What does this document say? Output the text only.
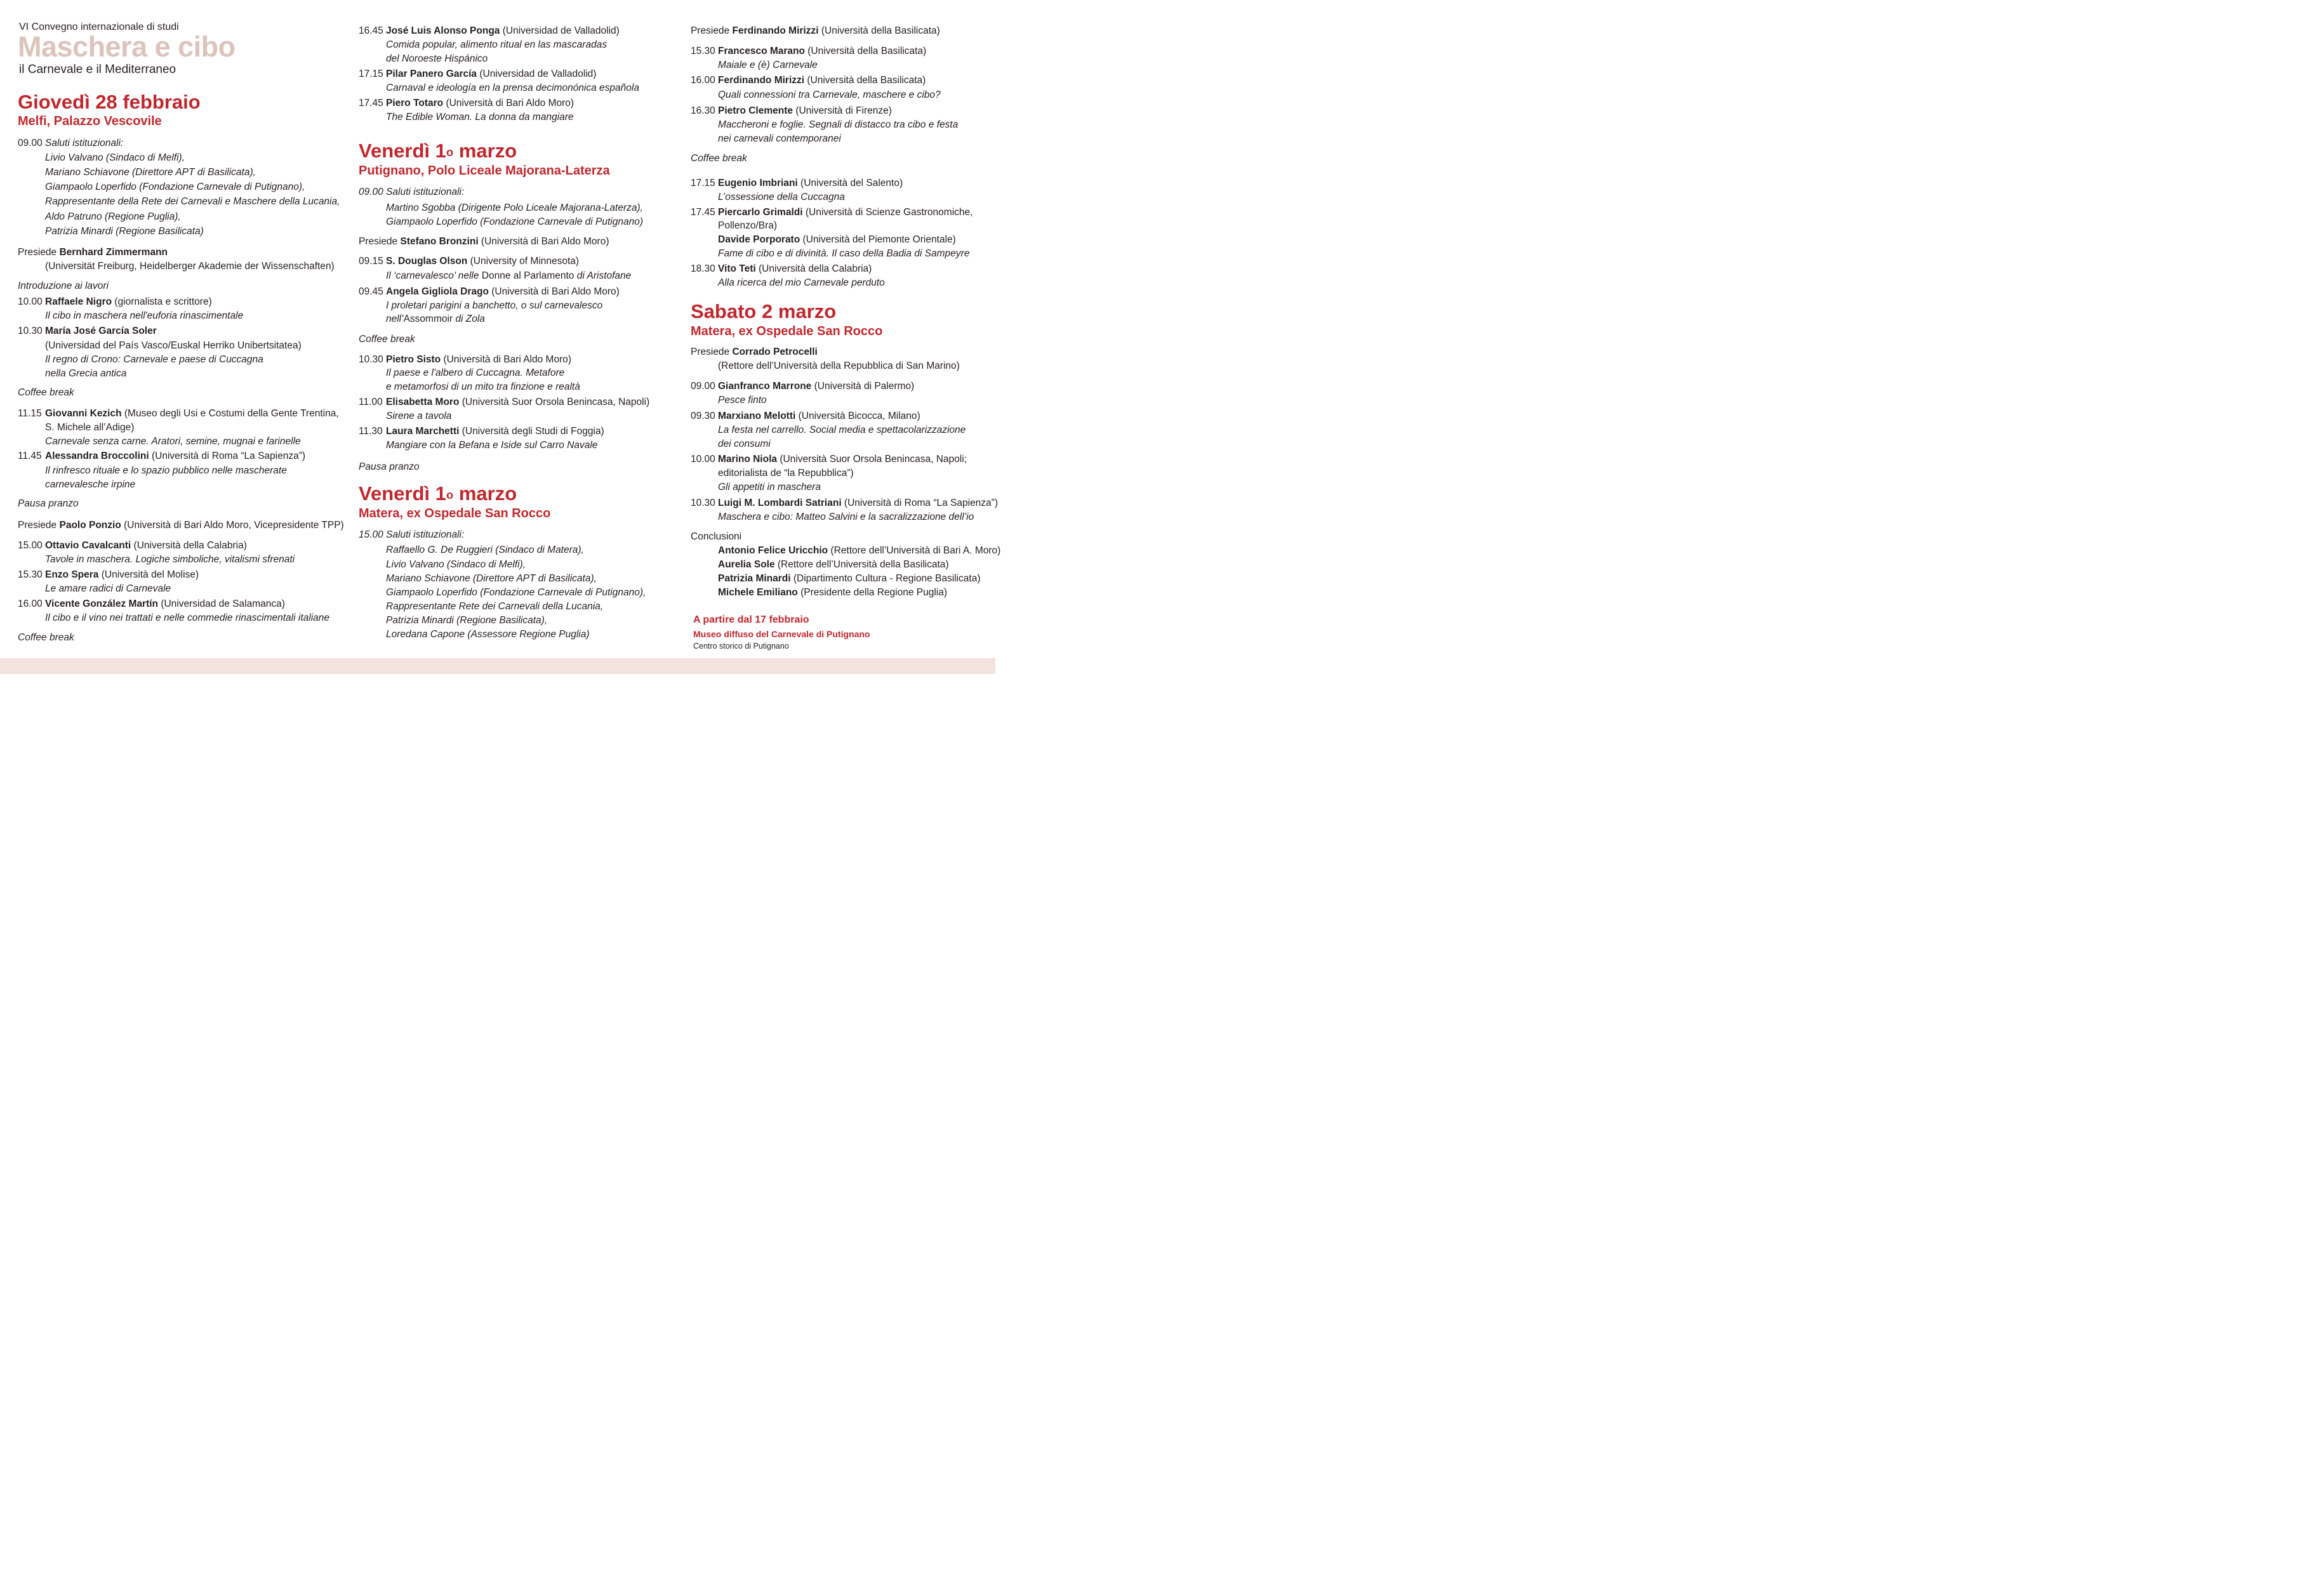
VI Convegno internazionale di studi
Maschera e cibo
il Carnevale e il Mediterraneo
Giovedì 28 febbraio
Melfi, Palazzo Vescovile
09.00 Saluti istituzionali:
Livio Valvano (Sindaco di Melfi),
Mariano Schiavone (Direttore APT di Basilicata),
Giampaolo Loperfido (Fondazione Carnevale di Putignano),
Rappresentante della Rete dei Carnevali e Maschere della Lucania,
Aldo Patruno (Regione Puglia),
Patrizia Minardi (Regione Basilicata)
Presiede Bernhard Zimmermann
(Universität Freiburg, Heidelberger Akademie der Wissenschaften)
Introduzione ai lavori
10.00 Raffaele Nigro (giornalista e scrittore)
Il cibo in maschera nell'euforia rinascimentale
10.30 María José García Soler
(Universidad del País Vasco/Euskal Herriko Unibertsitatea)
Il regno di Crono: Carnevale e paese di Cuccagna
nella Grecia antica
Coffee break
11.15 Giovanni Kezich (Museo degli Usi e Costumi della Gente Trentina,
S. Michele all’Adige)
Carnevale senza carne. Aratori, semine, mugnai e farinelle
11.45 Alessandra Broccolini (Università di Roma “La Sapienza”)
Il rinfresco rituale e lo spazio pubblico nelle mascherate
carnevalesche irpine
Pausa pranzo
Presiede Paolo Ponzio (Università di Bari Aldo Moro, Vicepresidente TPP)
15.00 Ottavio Cavalcanti (Università della Calabria)
Tavole in maschera. Logiche simboliche, vitalismi sfrenati
15.30 Enzo Spera (Università del Molise)
Le amare radici di Carnevale
16.00 Vicente González Martín (Universidad de Salamanca)
Il cibo e il vino nei trattati e nelle commedie rinascimentali italiane
Coffee break
16.45 José Luis Alonso Ponga (Universidad de Valladolid)
Comida popular, alimento ritual en las mascaradas
del Noroeste Hispánico
17.15 Pilar Panero García (Universidad de Valladolid)
Carnaval e ideología en la prensa decimonónica española
17.45 Piero Totaro (Università di Bari Aldo Moro)
The Edible Woman. La donna da mangiare
Venerdì 1$^o$ marzo
Putignano, Polo Liceale Majorana-Laterza
09.00 Saluti istituzionali:
Martino Sgobba (Dirigente Polo Liceale Majorana-Laterza),
Giampaolo Loperfido (Fondazione Carnevale di Putignano)
Presiede Stefano Bronzini (Università di Bari Aldo Moro)
09.15 S. Douglas Olson (University of Minnesota)
Il ‘carnevalesco’ nelle Donne al Parlamento di Aristofane
09.45 Angela Gigliola Drago (Università di Bari Aldo Moro)
I proletari parigini a banchetto, o sul carnevalesco
nell’Assommoir di Zola
Coffee break
10.30 Pietro Sisto (Università di Bari Aldo Moro)
Il paese e l'albero di Cuccagna. Metafore
e metamorfosi di un mito tra finzione e realtà
11.00 Elisabetta Moro (Università Suor Orsola Benincasa, Napoli)
Sirene a tavola
11.30 Laura Marchetti (Università degli Studi di Foggia)
Mangiare con la Befana e Iside sul Carro Navale
Pausa pranzo
Venerdì 1$^o$ marzo
Matera, ex Ospedale San Rocco
15.00 Saluti istituzionali:
Raffaello G. De Ruggieri (Sindaco di Matera),
Livio Valvano (Sindaco di Melfi),
Mariano Schiavone (Direttore APT di Basilicata),
Giampaolo Loperfido (Fondazione Carnevale di Putignano),
Rappresentante Rete dei Carnevali della Lucania,
Patrizia Minardi (Regione Basilicata),
Loredana Capone (Assessore Regione Puglia)
Presiede Ferdinando Mirizzi (Università della Basilicata)
15.30 Francesco Marano (Università della Basilicata)
Maiale e (è) Carnevale
16.00 Ferdinando Mirizzi (Università della Basilicata)
Quali connessioni tra Carnevale, maschere e cibo?
16.30 Pietro Clemente (Università di Firenze)
Maccheroni e foglie. Segnali di distacco tra cibo e festa
nei carnevali contemporanei
Coffee break
17.15 Eugenio Imbriani (Università del Salento)
L’ossessione della Cuccagna
17.45 Piercarlo Grimaldi (Università di Scienze Gastronomiche,
Pollenzo/Bra)
Davide Porporato (Università del Piemonte Orientale)
Fame di cibo e di divinità. Il caso della Badia di Sampeyre
18.30 Vito Teti (Università della Calabria)
Alla ricerca del mio Carnevale perduto
Sabato 2 marzo
Matera, ex Ospedale San Rocco
Presiede Corrado Petrocelli
(Rettore dell’Università della Repubblica di San Marino)
09.00 Gianfranco Marrone (Università di Palermo)
Pesce finto
09.30 Marxiano Melotti (Università Bicocca, Milano)
La festa nel carrello. Social media e spettacolarizzazione
dei consumi
10.00 Marino Niola (Università Suor Orsola Benincasa, Napoli;
editorialista de “la Repubblica”)
Gli appetiti in maschera
10.30 Luigi M. Lombardi Satriani (Università di Roma “La Sapienza”)
Maschera e cibo: Matteo Salvini e la sacralizzazione dell’io
Conclusioni
Antonio Felice Uricchio (Rettore dell’Università di Bari A. Moro)
Aurelia Sole (Rettore dell’Università della Basilicata)
Patrizia Minardi (Dipartimento Cultura - Regione Basilicata)
Michele Emiliano (Presidente della Regione Puglia)
A partire dal 17 febbraio
Museo diffuso del Carnevale di Putignano
Centro storico di Putignano
